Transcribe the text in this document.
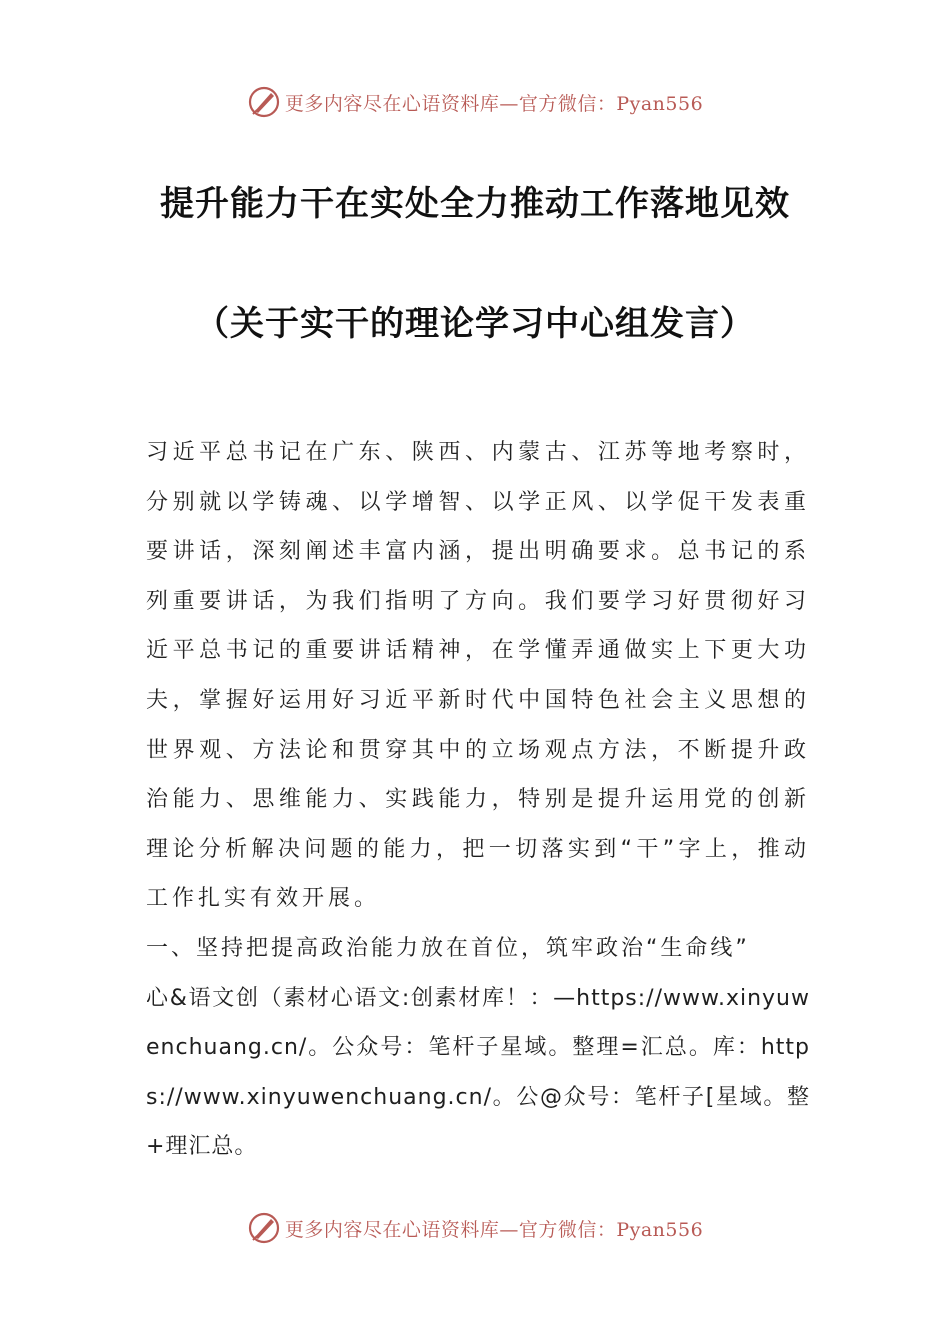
更多内容尽在心语资料库—官方微信：Pyan556
提升能力干在实处全力推动工作落地见效
（关于实干的理论学习中心组发言）

习近平总书记在广东、陕西、内蒙古、江苏等地考察时，分别就以学铸魂、以学增智、以学正风、以学促干发表重要讲话，深刻阐述丰富内涵，提出明确要求。总书记的系列重要讲话，为我们指明了方向。我们要学习好贯彻好习近平总书记的重要讲话精神，在学懂弄通做实上下更大功夫，掌握好运用好习近平新时代中国特色社会主义思想的世界观、方法论和贯穿其中的立场观点方法，不断提升政治能力、思维能力、实践能力，特别是提升运用党的创新理论分析解决问题的能力，把一切落实到“干”字上，推动工作扎实有效开展。

一、坚持把提高政治能力放在首位，筑牢政治“生命线”

心&语文创（素材心语文:创素材库！：—https://www.xinyuwenchuang.cn/。公众号：笔杆子星域。整理=汇总。库：https://www.xinyuwenchuang.cn/。公@众号：笔杆子[星域。整+理汇总。

更多内容尽在心语资料库—官方微信：Pyan556
